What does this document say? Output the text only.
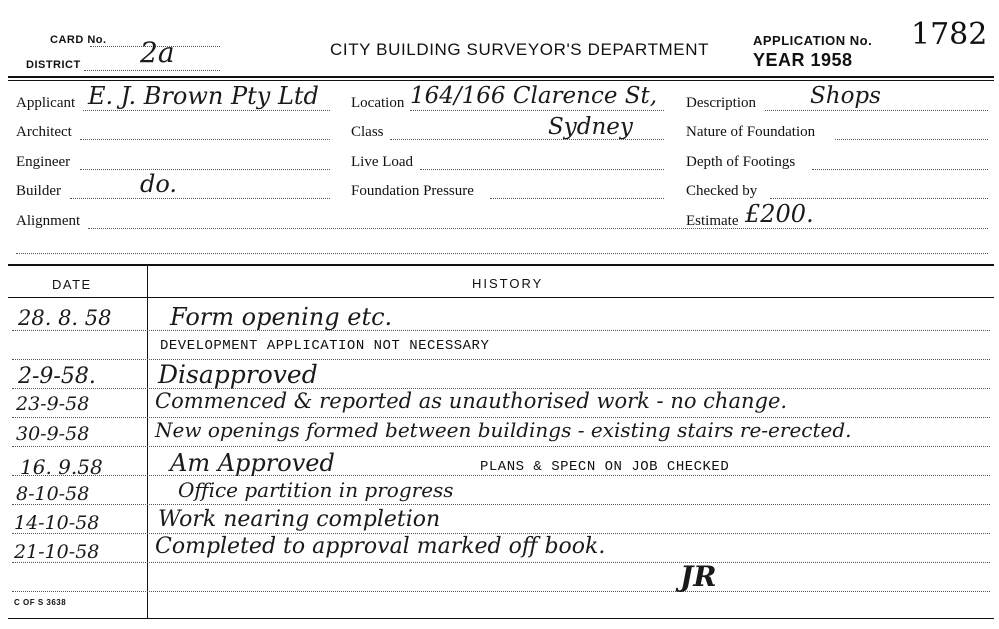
CARD No.
DISTRICT 2a	CITY BUILDING SURVEYOR'S DEPARTMENT	APPLICATION No. 1782
YEAR 1958
Applicant E. J. Brown Pty Ltd
Architect
Engineer
Builder	do.
Alignment
Location 164/166 Clarence St,
Class	Sydney
Live Load
Foundation Pressure
Description Shops
Nature of Foundation
Depth of Footings
Checked by
Estimate £200.
DATE	HISTORY
28. 8. 58 Form opening etc.
DEVELOPMENT APPLICATION NOT NECESSARY
2-9-58. Disapproved
23-9-58	Commenced & reported as unauthorised work - no change.
30-9-58	New openings formed between buildings - existing stairs re-erected.
16. 9.58	Am Approved	PLANS & SPECN ON JOB CHECKED
8-10-58	Office partition in progress
14-10-58	Work nearing completion
21-10-58	Completed to approval marked off book.
JR
C OF S 3638
